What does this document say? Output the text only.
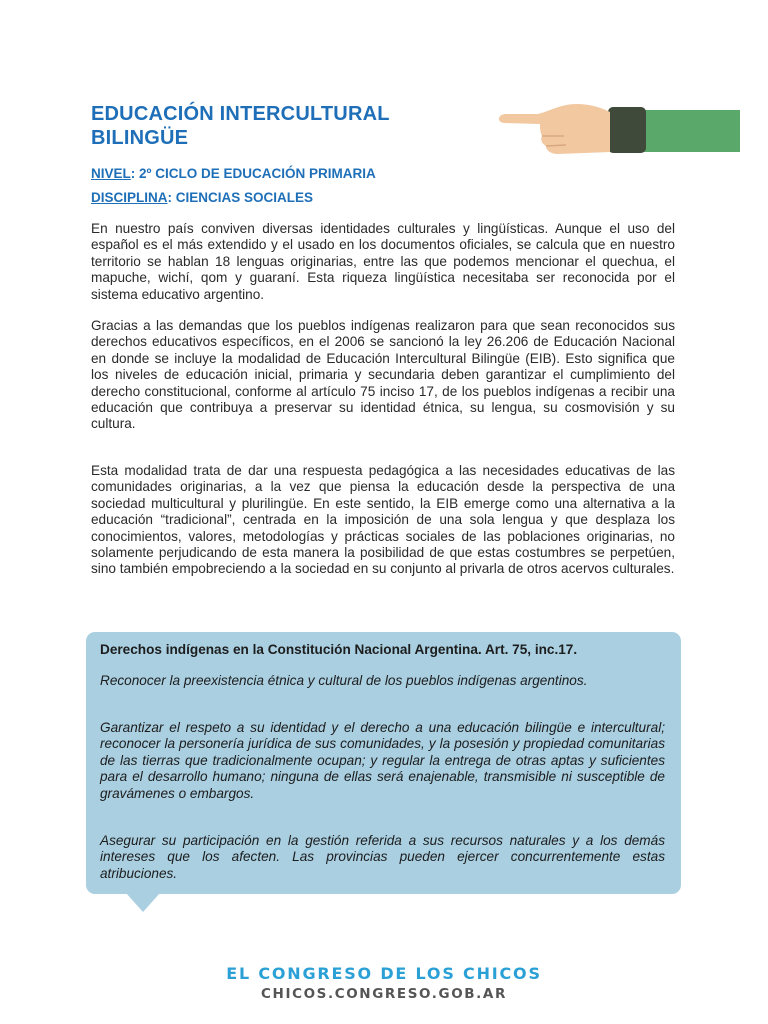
EDUCACIÓN INTERCULTURAL BILINGÜE
NIVEL: 2º CICLO DE EDUCACIÓN PRIMARIA
DISCIPLINA: CIENCIAS SOCIALES

En nuestro país conviven diversas identidades culturales y lingüísticas. Aunque el uso del español es el más extendido y el usado en los documentos oficiales, se calcula que en nuestro territorio se hablan 18 lenguas originarias, entre las que podemos mencionar el quechua, el mapuche, wichí, qom y guaraní. Esta riqueza lingüística necesitaba ser reconocida por el sistema educativo argentino.

Gracias a las demandas que los pueblos indígenas realizaron para que sean reconocidos sus derechos educativos específicos, en el 2006 se sancionó la ley 26.206 de Educación Nacional en donde se incluye la modalidad de Educación Intercultural Bilingüe (EIB). Esto significa que los niveles de educación inicial, primaria y secundaria deben garantizar el cumplimiento del derecho constitucional, conforme al artículo 75 inciso 17, de los pueblos indígenas a recibir una educación que contribuya a preservar su identidad étnica, su lengua, su cosmovisión y su cultura.

Esta modalidad trata de dar una respuesta pedagógica a las necesidades educativas de las comunidades originarias, a la vez que piensa la educación desde la perspectiva de una sociedad multicultural y plurilingüe. En este sentido, la EIB emerge como una alternativa a la educación “tradicional”, centrada en la imposición de una sola lengua y que desplaza los conocimientos, valores, metodologías y prácticas sociales de las poblaciones originarias, no solamente perjudicando de esta manera la posibilidad de que estas costumbres se perpetúen, sino también empobreciendo a la sociedad en su conjunto al privarla de otros acervos culturales.

Derechos indígenas en la Constitución Nacional Argentina. Art. 75, inc.17.

Reconocer la preexistencia étnica y cultural de los pueblos indígenas argentinos.

Garantizar el respeto a su identidad y el derecho a una educación bilingüe e intercultural; reconocer la personería jurídica de sus comunidades, y la posesión y propiedad comunitarias de las tierras que tradicionalmente ocupan; y regular la entrega de otras aptas y suficientes para el desarrollo humano; ninguna de ellas será enajenable, transmisible ni susceptible de gravámenes o embargos.

Asegurar su participación en la gestión referida a sus recursos naturales y a los demás intereses que los afecten. Las provincias pueden ejercer concurrentemente estas atribuciones.

EL CONGRESO DE LOS CHICOS
CHICOS.CONGRESO.GOB.AR
